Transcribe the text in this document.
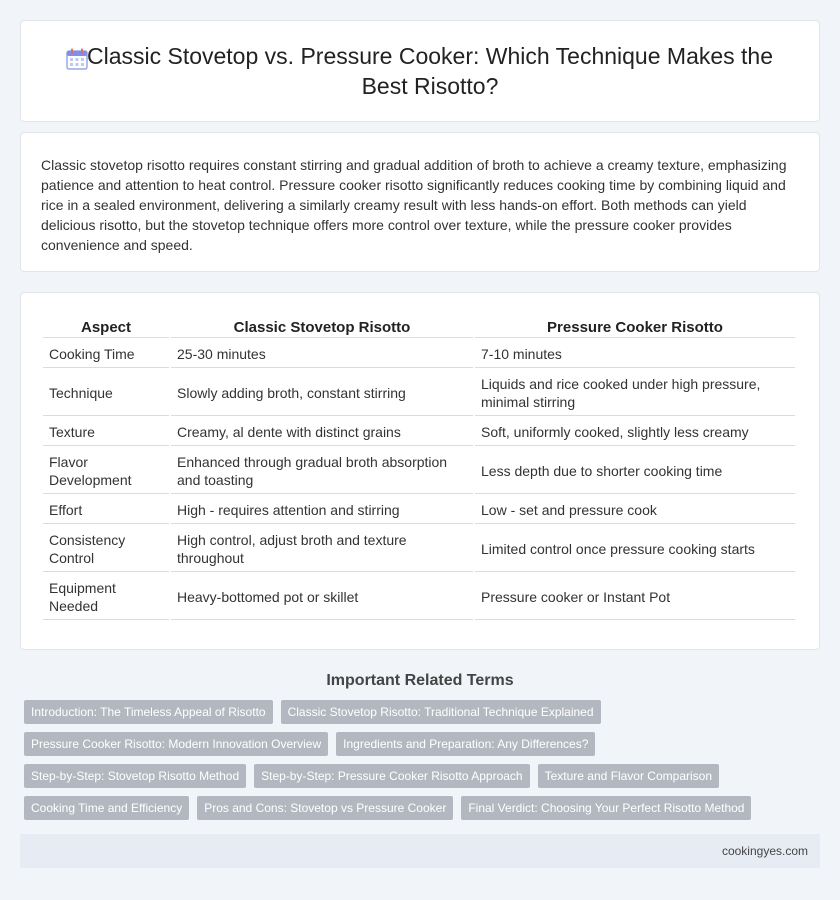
Classic Stovetop vs. Pressure Cooker: Which Technique Makes the Best Risotto?

Classic stovetop risotto requires constant stirring and gradual addition of broth to achieve a creamy texture, emphasizing patience and attention to heat control. Pressure cooker risotto significantly reduces cooking time by combining liquid and rice in a sealed environment, delivering a similarly creamy result with less hands-on effort. Both methods can yield delicious risotto, but the stovetop technique offers more control over texture, while the pressure cooker provides convenience and speed.

Aspect	Classic Stovetop Risotto	Pressure Cooker Risotto
Cooking Time	25-30 minutes	7-10 minutes
Technique	Slowly adding broth, constant stirring	Liquids and rice cooked under high pressure, minimal stirring
Texture	Creamy, al dente with distinct grains	Soft, uniformly cooked, slightly less creamy
Flavor Development	Enhanced through gradual broth absorption and toasting	Less depth due to shorter cooking time
Effort	High - requires attention and stirring	Low - set and pressure cook
Consistency Control	High control, adjust broth and texture throughout	Limited control once pressure cooking starts
Equipment Needed	Heavy-bottomed pot or skillet	Pressure cooker or Instant Pot
Important Related Terms
Introduction: The Timeless Appeal of Risotto	Classic Stovetop Risotto: Traditional Technique Explained
Pressure Cooker Risotto: Modern Innovation Overview	Ingredients and Preparation: Any Differences?
Step-by-Step: Stovetop Risotto Method	Step-by-Step: Pressure Cooker Risotto Approach	Texture and Flavor Comparison
Cooking Time and Efficiency	Pros and Cons: Stovetop vs Pressure Cooker	Final Verdict: Choosing Your Perfect Risotto Method
cookingyes.com
